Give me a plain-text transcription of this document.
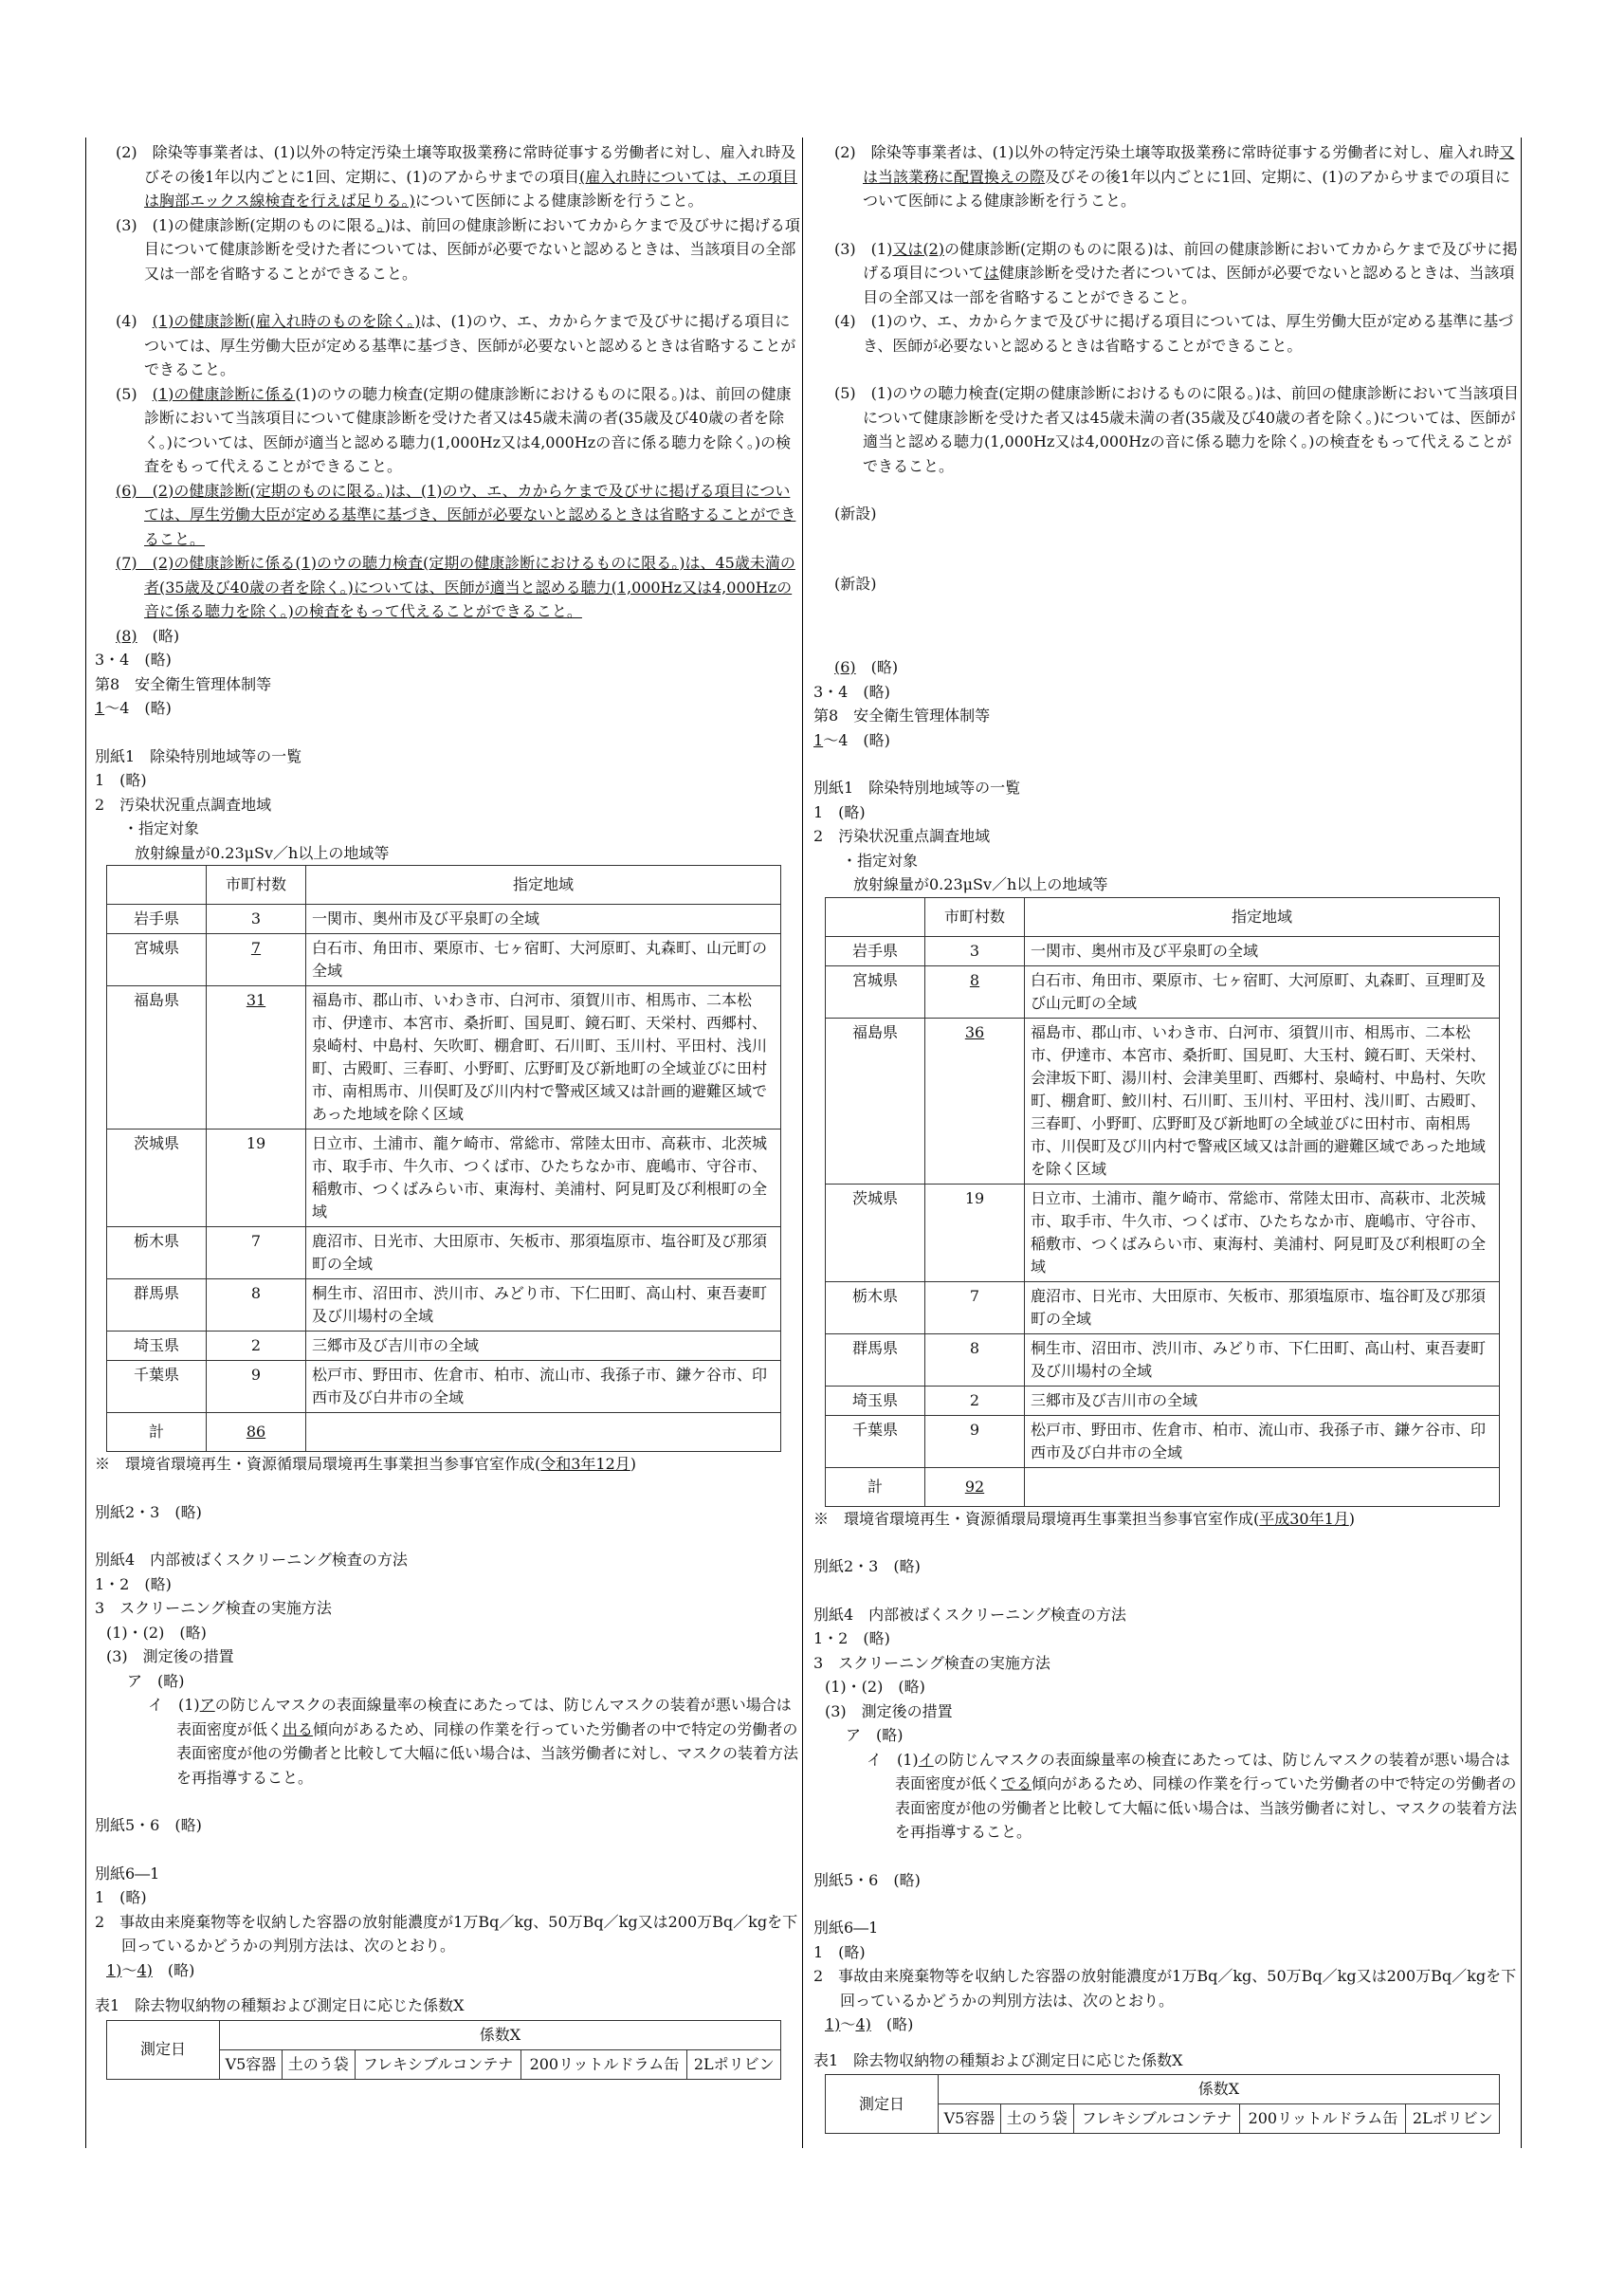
(2)　除染等事業者は、(1)以外の特定汚染土壌等取扱業務に常時従事する労働者に対し、雇入れ時及びその後1年以内ごとに1回、定期に、(1)のアからサまでの項目(雇入れ時については、エの項目は胸部エックス線検査を行えば足りる。)について医師による健康診断を行うこと。

(3)　(1)の健康診断(定期のものに限る。)は、前回の健康診断においてカからケまで及びサに掲げる項目について健康診断を受けた者については、医師が必要でないと認めるときは、当該項目の全部又は一部を省略することができること。

(4)　(1)の健康診断(雇入れ時のものを除く。)は、(1)のウ、エ、カからケまで及びサに掲げる項目については、厚生労働大臣が定める基準に基づき、医師が必要ないと認めるときは省略することができること。

(5)　(1)の健康診断に係る(1)のウの聴力検査(定期の健康診断におけるものに限る。)は、前回の健康診断において当該項目について健康診断を受けた者又は45歳未満の者(35歳及び40歳の者を除く。)については、医師が適当と認める聴力(1,000Hz又は4,000Hzの音に係る聴力を除く。)の検査をもって代えることができること。

(6)　(2)の健康診断(定期のものに限る。)は、(1)のウ、エ、カからケまで及びサに掲げる項目については、厚生労働大臣が定める基準に基づき、医師が必要ないと認めるときは省略することができること。

(7)　(2)の健康診断に係る(1)のウの聴力検査(定期の健康診断におけるものに限る。)は、45歳未満の者(35歳及び40歳の者を除く。)については、医師が適当と認める聴力(1,000Hz又は4,000Hzの音に係る聴力を除く。)の検査をもって代えることができること。

(8)　(略)

3・4　(略)

第8　安全衛生管理体制等

1～4　(略)

別紙1　除染特別地域等の一覧

1　(略)

2　汚染状況重点調査地域

・指定対象

放射線量が0.23μSv／h以上の地域等

	市町村数	指定地域
岩手県	3	一関市、奥州市及び平泉町の全域
宮城県	7	白石市、角田市、栗原市、七ヶ宿町、大河原町、丸森町、山元町の全域
福島県	31	福島市、郡山市、いわき市、白河市、須賀川市、相馬市、二本松市、伊達市、本宮市、桑折町、国見町、鏡石町、天栄村、西郷村、泉崎村、中島村、矢吹町、棚倉町、石川町、玉川村、平田村、浅川町、古殿町、三春町、小野町、広野町及び新地町の全域並びに田村市、南相馬市、川俣町及び川内村で警戒区域又は計画的避難区域であった地域を除く区域
茨城県	19	日立市、土浦市、龍ケ崎市、常総市、常陸太田市、高萩市、北茨城市、取手市、牛久市、つくば市、ひたちなか市、鹿嶋市、守谷市、稲敷市、つくばみらい市、東海村、美浦村、阿見町及び利根町の全域
栃木県	7	鹿沼市、日光市、大田原市、矢板市、那須塩原市、塩谷町及び那須町の全域
群馬県	8	桐生市、沼田市、渋川市、みどり市、下仁田町、高山村、東吾妻町及び川場村の全域
埼玉県	2	三郷市及び吉川市の全域
千葉県	9	松戸市、野田市、佐倉市、柏市、流山市、我孫子市、鎌ケ谷市、印西市及び白井市の全域
計	86	

※　環境省環境再生・資源循環局環境再生事業担当参事官室作成(令和3年12月)

別紙2・3　(略)

別紙4　内部被ばくスクリーニング検査の方法

1・2　(略)

3　スクリーニング検査の実施方法

(1)・(2)　(略)

(3)　測定後の措置

ア　(略)

イ　(1)アの防じんマスクの表面線量率の検査にあたっては、防じんマスクの装着が悪い場合は表面密度が低く出る傾向があるため、同様の作業を行っていた労働者の中で特定の労働者の表面密度が他の労働者と比較して大幅に低い場合は、当該労働者に対し、マスクの装着方法を再指導すること。

別紙5・6　(略)

別紙6―1

1　(略)

2　事故由来廃棄物等を収納した容器の放射能濃度が1万Bq／kg、50万Bq／kg又は200万Bq／kgを下回っているかどうかの判別方法は、次のとおり。

1)～4)　(略)

表1　除去物収納物の種類および測定日に応じた係数X

測定日	係数X				
	V5容器	土のう袋	フレキシブルコンテナ	200リットルドラム缶	2Lポリビン

(2)　除染等事業者は、(1)以外の特定汚染土壌等取扱業務に常時従事する労働者に対し、雇入れ時又は当該業務に配置換えの際及びその後1年以内ごとに1回、定期に、(1)のアからサまでの項目について医師による健康診断を行うこと。

(3)　(1)又は(2)の健康診断(定期のものに限る)は、前回の健康診断においてカからケまで及びサに掲げる項目については健康診断を受けた者については、医師が必要でないと認めるときは、当該項目の全部又は一部を省略することができること。

(4)　(1)のウ、エ、カからケまで及びサに掲げる項目については、厚生労働大臣が定める基準に基づき、医師が必要ないと認めるときは省略することができること。

(5)　(1)のウの聴力検査(定期の健康診断におけるものに限る。)は、前回の健康診断において当該項目について健康診断を受けた者又は45歳未満の者(35歳及び40歳の者を除く。)については、医師が適当と認める聴力(1,000Hz又は4,000Hzの音に係る聴力を除く。)の検査をもって代えることができること。

(新設)

(新設)

(6)　(略)

3・4　(略)

第8　安全衛生管理体制等

1～4　(略)

別紙1　除染特別地域等の一覧

1　(略)

2　汚染状況重点調査地域

・指定対象

放射線量が0.23μSv／h以上の地域等

	市町村数	指定地域
岩手県	3	一関市、奥州市及び平泉町の全域
宮城県	8	白石市、角田市、栗原市、七ヶ宿町、大河原町、丸森町、亘理町及び山元町の全域
福島県	36	福島市、郡山市、いわき市、白河市、須賀川市、相馬市、二本松市、伊達市、本宮市、桑折町、国見町、大玉村、鏡石町、天栄村、会津坂下町、湯川村、会津美里町、西郷村、泉崎村、中島村、矢吹町、棚倉町、鮫川村、石川町、玉川村、平田村、浅川町、古殿町、三春町、小野町、広野町及び新地町の全域並びに田村市、南相馬市、川俣町及び川内村で警戒区域又は計画的避難区域であった地域を除く区域
茨城県	19	日立市、土浦市、龍ケ崎市、常総市、常陸太田市、高萩市、北茨城市、取手市、牛久市、つくば市、ひたちなか市、鹿嶋市、守谷市、稲敷市、つくばみらい市、東海村、美浦村、阿見町及び利根町の全域
栃木県	7	鹿沼市、日光市、大田原市、矢板市、那須塩原市、塩谷町及び那須町の全域
群馬県	8	桐生市、沼田市、渋川市、みどり市、下仁田町、高山村、東吾妻町及び川場村の全域
埼玉県	2	三郷市及び吉川市の全域
千葉県	9	松戸市、野田市、佐倉市、柏市、流山市、我孫子市、鎌ケ谷市、印西市及び白井市の全域
計	92	

※　環境省環境再生・資源循環局環境再生事業担当参事官室作成(平成30年1月)

別紙2・3　(略)

別紙4　内部被ばくスクリーニング検査の方法

1・2　(略)

3　スクリーニング検査の実施方法

(1)・(2)　(略)

(3)　測定後の措置

ア　(略)

イ　(1)イの防じんマスクの表面線量率の検査にあたっては、防じんマスクの装着が悪い場合は表面密度が低くでる傾向があるため、同様の作業を行っていた労働者の中で特定の労働者の表面密度が他の労働者と比較して大幅に低い場合は、当該労働者に対し、マスクの装着方法を再指導すること。

別紙5・6　(略)

別紙6―1

1　(略)

2　事故由来廃棄物等を収納した容器の放射能濃度が1万Bq／kg、50万Bq／kg又は200万Bq／kgを下回っているかどうかの判別方法は、次のとおり。

1)～4)　(略)

表1　除去物収納物の種類および測定日に応じた係数X

測定日	係数X				
	V5容器	土のう袋	フレキシブルコンテナ	200リットルドラム缶	2Lポリビン
